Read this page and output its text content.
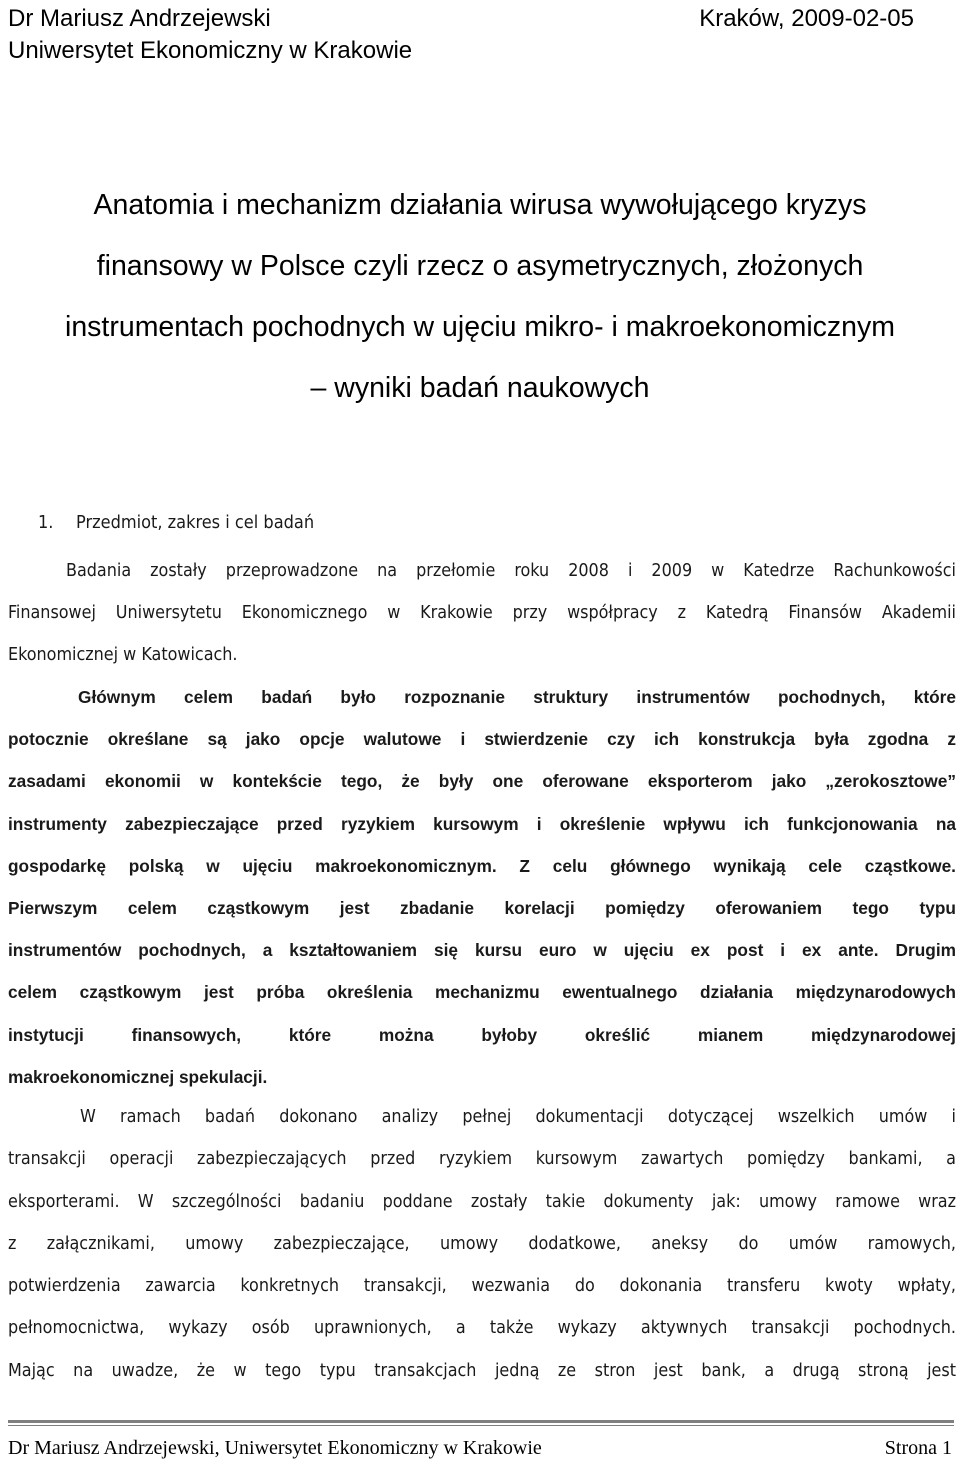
Dr Mariusz Andrzejewski
Uniwersytet Ekonomiczny w Krakowie
Kraków, 2009-02-05
Anatomia i mechanizm działania wirusa wywołującego kryzys
finansowy w Polsce czyli rzecz o asymetrycznych, złożonych
instrumentach pochodnych w ujęciu mikro- i makroekonomicznym
– wyniki badań naukowych
1. Przedmiot, zakres i cel badań
Badania zostały przeprowadzone na przełomie roku 2008 i 2009 w Katedrze Rachunkowości
Finansowej Uniwersytetu Ekonomicznego w Krakowie przy współpracy z Katedrą Finansów Akademii
Ekonomicznej w Katowicach.
Głównym celem badań było rozpoznanie struktury instrumentów pochodnych, które
potocznie określane są jako opcje walutowe i stwierdzenie czy ich konstrukcja była zgodna z
zasadami ekonomii w kontekście tego, że były one oferowane eksporterom jako „zerokosztowe”
instrumenty zabezpieczające przed ryzykiem kursowym i określenie wpływu ich funkcjonowania na
gospodarkę polską w ujęciu makroekonomicznym. Z celu głównego wynikają cele cząstkowe.
Pierwszym celem cząstkowym jest zbadanie korelacji pomiędzy oferowaniem tego typu
instrumentów pochodnych, a kształtowaniem się kursu euro w ujęciu ex post i ex ante. Drugim
celem cząstkowym jest próba określenia mechanizmu ewentualnego działania międzynarodowych
instytucji finansowych, które można byłoby określić mianem międzynarodowej
makroekonomicznej spekulacji.
W ramach badań dokonano analizy pełnej dokumentacji dotyczącej wszelkich umów i
transakcji operacji zabezpieczających przed ryzykiem kursowym zawartych pomiędzy bankami, a
eksporterami. W szczególności badaniu poddane zostały takie dokumenty jak: umowy ramowe wraz
z załącznikami, umowy zabezpieczające, umowy dodatkowe, aneksy do umów ramowych,
potwierdzenia zawarcia konkretnych transakcji, wezwania do dokonania transferu kwoty wpłaty,
pełnomocnictwa, wykazy osób uprawnionych, a także wykazy aktywnych transakcji pochodnych.
Mając na uwadze, że w tego typu transakcjach jedną ze stron jest bank, a drugą stroną jest
Dr Mariusz Andrzejewski, Uniwersytet Ekonomiczny w Krakowie	Strona 1
